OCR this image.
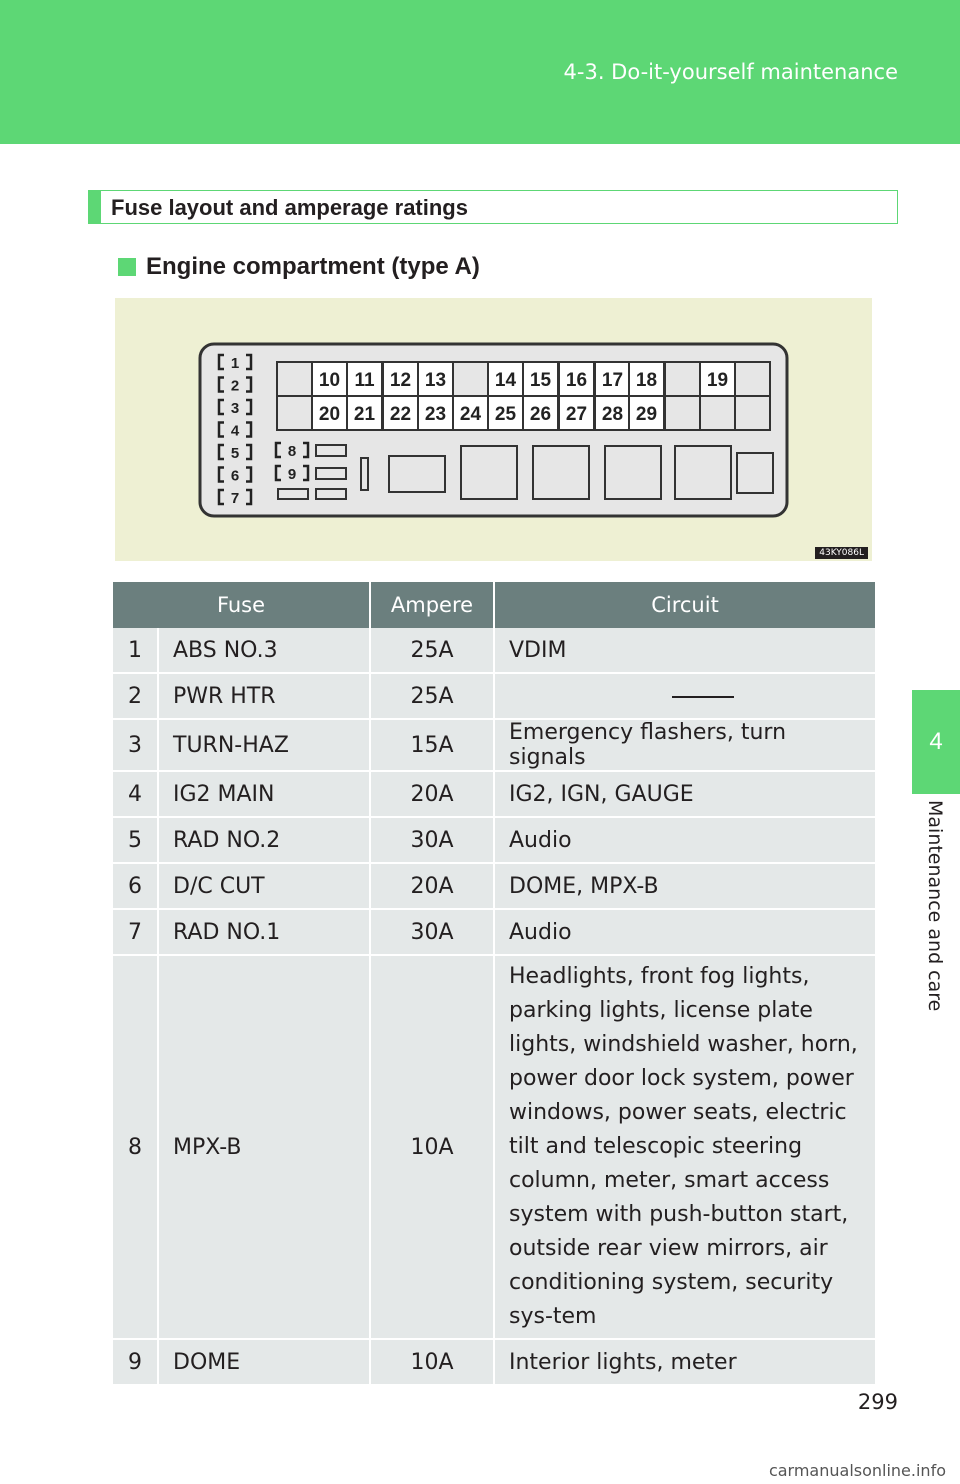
4-3. Do-it-yourself maintenance
4
Maintenance and care
Fuse layout and amperage ratings
Engine compartment (type A)
1
2
3
4
5
6
7
8
9
10 11 12 13	14 15 16 17 18	19
20 21 22 23 24 25 26 27 28 29
43KY086L
Fuse		Ampere	Circuit
1	ABS NO.3	25A	VDIM
2	PWR HTR	25A	
3	TURN-HAZ	15A	Emergency flashers, turn signals
4	IG2 MAIN	20A	IG2, IGN, GAUGE
5	RAD NO.2	30A	Audio
6	D/C CUT	20A	DOME, MPX-B
7	RAD NO.1	30A	Audio
8	MPX-B	10A	Headlights, front fog lights, parking lights, license plate lights, windshield washer, horn, power door lock system, power windows, power seats, electric tilt and telescopic steering column, meter, smart access system with push-button start, outside rear view mirrors, air conditioning system, security sys-tem
9	DOME	10A	Interior lights, meter
299
carmanualsonline.info
